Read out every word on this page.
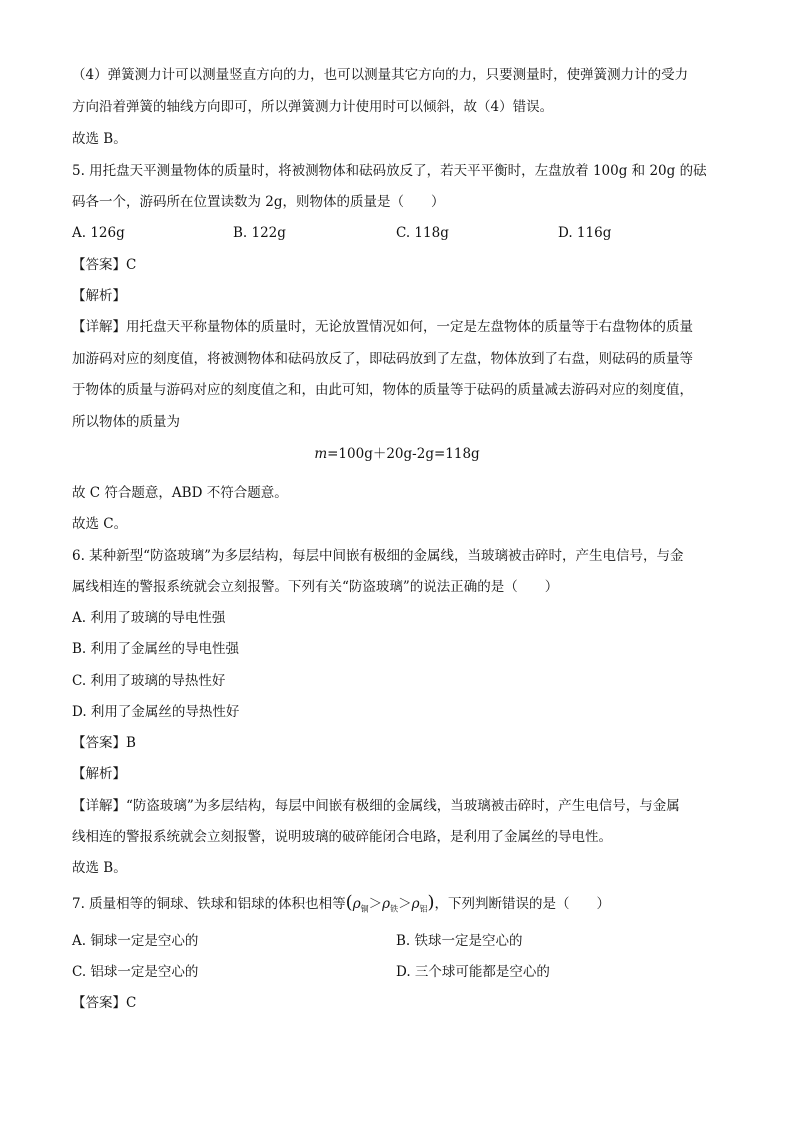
（4）弹簧测力计可以测量竖直方向的力，也可以测量其它方向的力，只要测量时，使弹簧测力计的受力
方向沿着弹簧的轴线方向即可，所以弹簧测力计使用时可以倾斜，故（4）错误。
故选 B。
5. 用托盘天平测量物体的质量时，将被测物体和砝码放反了，若天平平衡时，左盘放着 100g 和 20g 的砝
码各一个，游码所在位置读数为 2g，则物体的质量是（　　）
A. 126g	B. 122g	C. 118g	D. 116g
【答案】C
【解析】
【详解】用托盘天平称量物体的质量时，无论放置情况如何，一定是左盘物体的质量等于右盘物体的质量
加游码对应的刻度值，将被测物体和砝码放反了，即砝码放到了左盘，物体放到了右盘，则砝码的质量等
于物体的质量与游码对应的刻度值之和，由此可知，物体的质量等于砝码的质量减去游码对应的刻度值，
所以物体的质量为
m=100g＋20g-2g=118g
故 C 符合题意，ABD 不符合题意。
故选 C。
6. 某种新型“防盗玻璃”为多层结构，每层中间嵌有极细的金属线，当玻璃被击碎时，产生电信号，与金
属线相连的警报系统就会立刻报警。下列有关“防盗玻璃”的说法正确的是（　　）
A. 利用了玻璃的导电性强
B. 利用了金属丝的导电性强
C. 利用了玻璃的导热性好
D. 利用了金属丝的导热性好
【答案】B
【解析】
【详解】“防盗玻璃”为多层结构，每层中间嵌有极细的金属线，当玻璃被击碎时，产生电信号，与金属
线相连的警报系统就会立刻报警，说明玻璃的破碎能闭合电路，是利用了金属丝的导电性。
故选 B。
7. 质量相等的铜球、铁球和铝球的体积也相等$(\rho_铜>\rho_铁>\rho_铝)$，下列判断错误的是（　　）
A. 铜球一定是空心的	B. 铁球一定是空心的
C. 铝球一定是空心的	D. 三个球可能都是空心的
【答案】C
